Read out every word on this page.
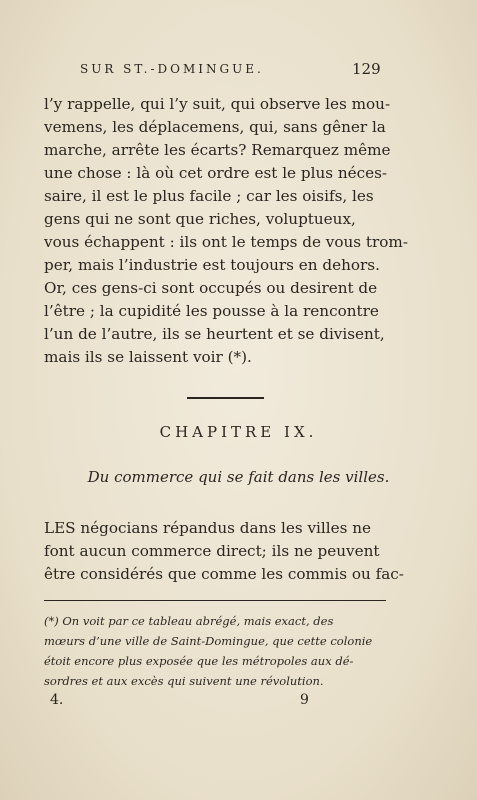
SUR ST.-DOMINGUE.	129
l’y rappelle, qui l’y suit, qui observe les mou-
vemens, les déplacemens, qui, sans gêner la
marche, arrête les écarts? Remarquez même
une chose : là où cet ordre est le plus néces-
saire, il est le plus facile ; car les oisifs, les
gens qui ne sont que riches, voluptueux,
vous échappent : ils ont le temps de vous trom-
per, mais l’industrie est toujours en dehors.
Or, ces gens-ci sont occupés ou desirent de
l’être ; la cupidité les pousse à la rencontre
l’un de l’autre, ils se heurtent et se divisent,
mais ils se laissent voir (*).
CHAPITRE IX.
Du commerce qui se fait dans les villes.
LES négocians répandus dans les villes ne
font aucun commerce direct; ils ne peuvent
être considérés que comme les commis ou fac-
(*) On voit par ce tableau abrégé, mais exact, des
mœurs d’une ville de Saint-Domingue, que cette colonie
étoit encore plus exposée que les métropoles aux dé-
sordres et aux excès qui suivent une révolution.
4.	9
